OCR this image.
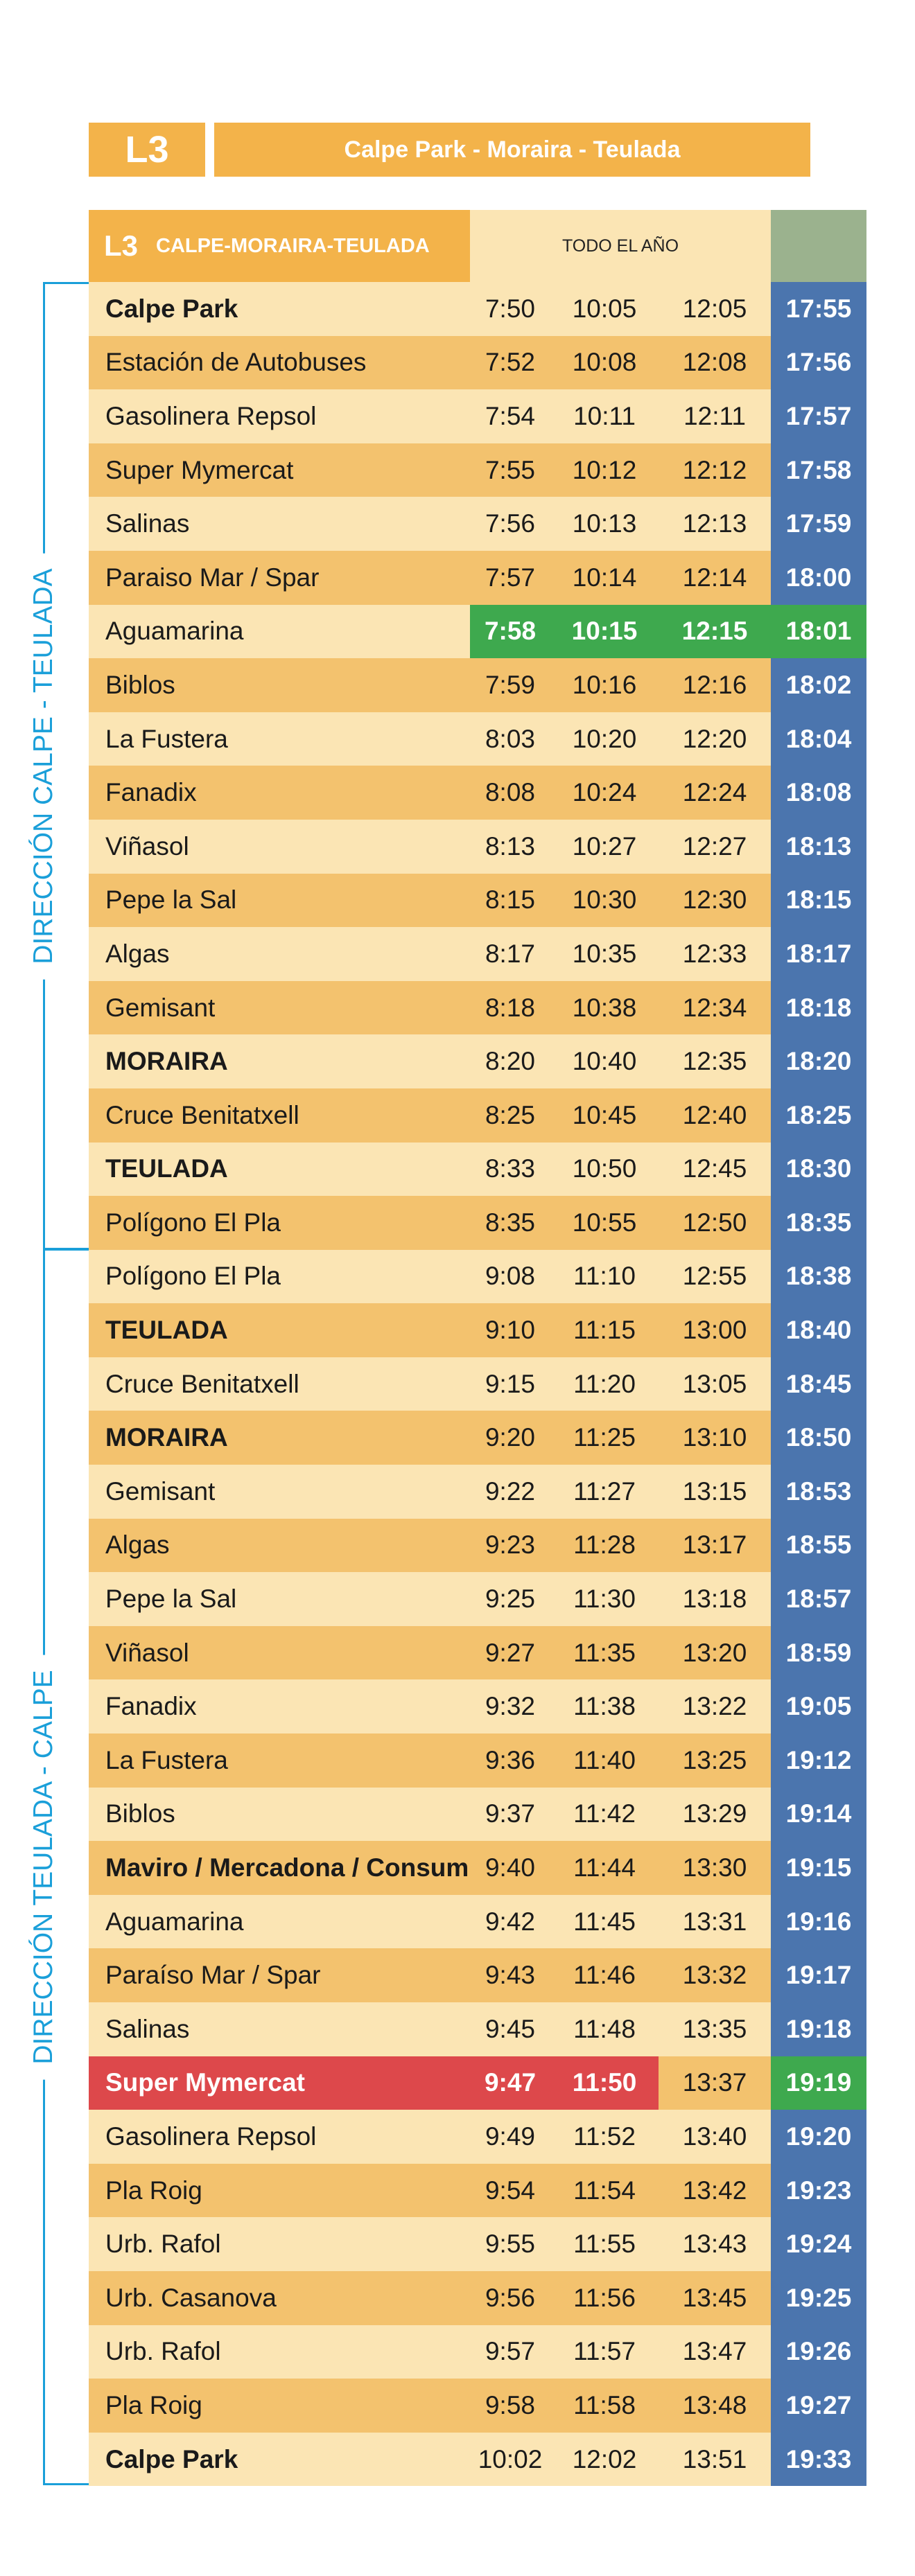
L3	Calpe Park - Moraira - Teulada
L3 CALPE-MORAIRA-TEULADA	TODO EL AÑO
DIRECCIÓN CALPE - TEULADA
DIRECCIÓN TEULADA - CALPE
Calpe Park	7:50	10:05	12:05	17:55
Estación de Autobuses	7:52	10:08	12:08	17:56
Gasolinera Repsol	7:54	10:11	12:11	17:57
Super Mymercat	7:55	10:12	12:12	17:58
Salinas	7:56	10:13	12:13	17:59
Paraiso Mar / Spar	7:57	10:14	12:14	18:00
Aguamarina	7:58	10:15	12:15	18:01
Biblos	7:59	10:16	12:16	18:02
La Fustera	8:03	10:20	12:20	18:04
Fanadix	8:08	10:24	12:24	18:08
Viñasol	8:13	10:27	12:27	18:13
Pepe la Sal	8:15	10:30	12:30	18:15
Algas	8:17	10:35	12:33	18:17
Gemisant	8:18	10:38	12:34	18:18
MORAIRA	8:20	10:40	12:35	18:20
Cruce Benitatxell	8:25	10:45	12:40	18:25
TEULADA	8:33	10:50	12:45	18:30
Polígono El Pla	8:35	10:55	12:50	18:35
Polígono El Pla	9:08	11:10	12:55	18:38
TEULADA	9:10	11:15	13:00	18:40
Cruce Benitatxell	9:15	11:20	13:05	18:45
MORAIRA	9:20	11:25	13:10	18:50
Gemisant	9:22	11:27	13:15	18:53
Algas	9:23	11:28	13:17	18:55
Pepe la Sal	9:25	11:30	13:18	18:57
Viñasol	9:27	11:35	13:20	18:59
Fanadix	9:32	11:38	13:22	19:05
La Fustera	9:36	11:40	13:25	19:12
Biblos	9:37	11:42	13:29	19:14
Maviro / Mercadona / Consum 9:40	11:44	13:30	19:15
Aguamarina	9:42	11:45	13:31	19:16
Paraíso Mar / Spar	9:43	11:46	13:32	19:17
Salinas	9:45	11:48	13:35	19:18
Super Mymercat	9:47	11:50	13:37	19:19
Gasolinera Repsol	9:49	11:52	13:40	19:20
Pla Roig	9:54	11:54	13:42	19:23
Urb. Rafol	9:55	11:55	13:43	19:24
Urb. Casanova	9:56	11:56	13:45	19:25
Urb. Rafol	9:57	11:57	13:47	19:26
Pla Roig	9:58	11:58	13:48	19:27
Calpe Park	10:02	12:02	13:51	19:33
